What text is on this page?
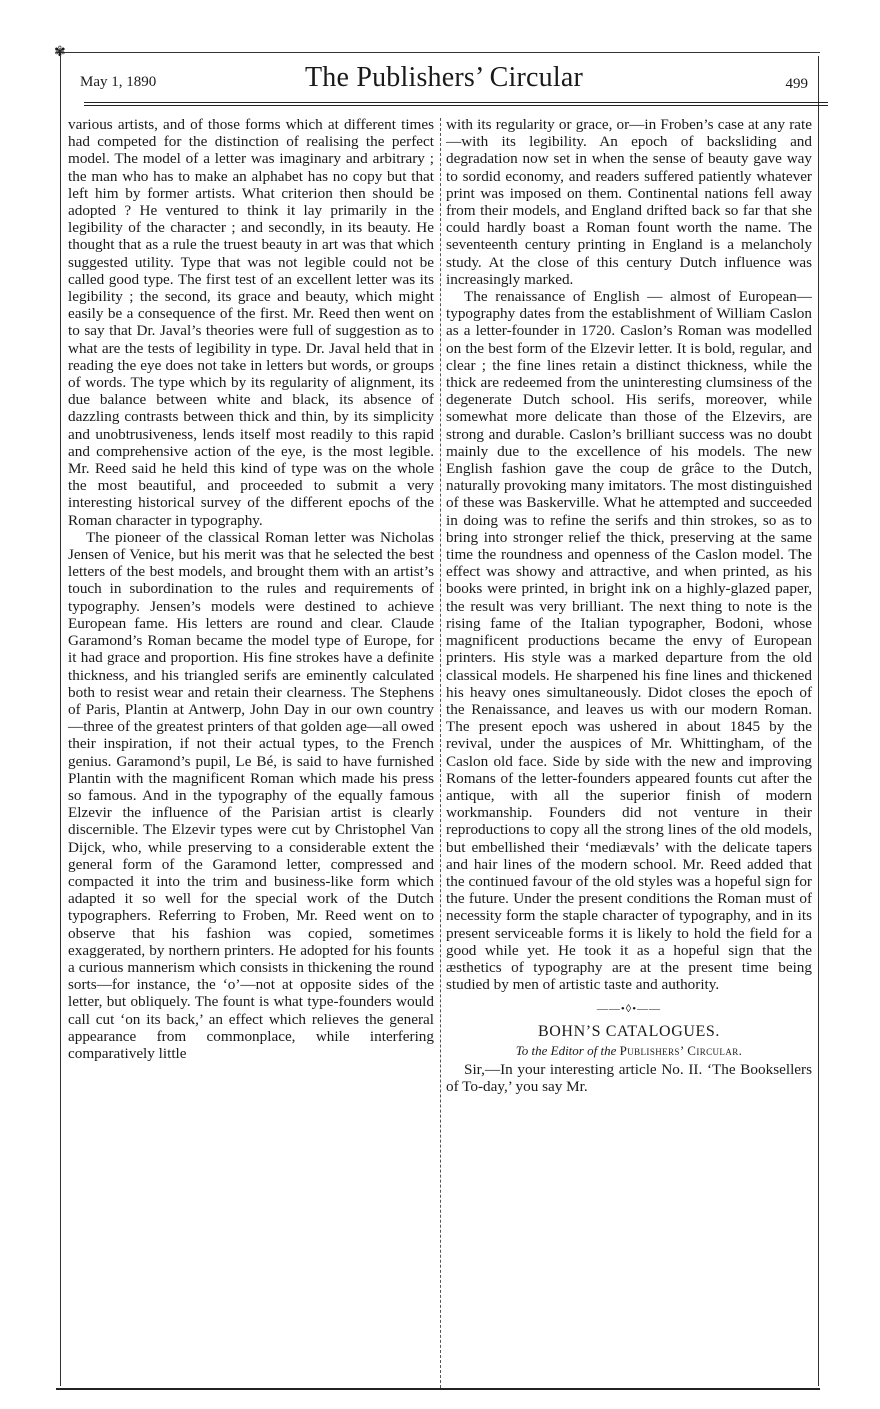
✾
May 1, 1890	The Publishers’ Circular	499

various artists, and of those forms which at different times had competed for the distinction of realising the perfect model. The model of a letter was imaginary and arbitrary ; the man who has to make an alphabet has no copy but that left him by former artists. What criterion then should be adopted ? He ventured to think it lay primarily in the legibility of the character ; and secondly, in its beauty. He thought that as a rule the truest beauty in art was that which suggested utility. Type that was not legible could not be called good type. The first test of an excellent letter was its legibility ; the second, its grace and beauty, which might easily be a consequence of the first. Mr. Reed then went on to say that Dr. Javal’s theories were full of suggestion as to what are the tests of legibility in type. Dr. Javal held that in reading the eye does not take in letters but words, or groups of words. The type which by its regularity of alignment, its due balance between white and black, its absence of dazzling contrasts between thick and thin, by its simplicity and unobtrusiveness, lends itself most readily to this rapid and comprehensive action of the eye, is the most legible. Mr. Reed said he held this kind of type was on the whole the most beautiful, and proceeded to submit a very interesting historical survey of the different epochs of the Roman character in typography.

The pioneer of the classical Roman letter was Nicholas Jensen of Venice, but his merit was that he selected the best letters of the best models, and brought them with an artist’s touch in subordination to the rules and requirements of typography. Jensen’s models were destined to achieve European fame. His letters are round and clear. Claude Garamond’s Roman became the model type of Europe, for it had grace and proportion. His fine strokes have a definite thickness, and his triangled serifs are eminently calculated both to resist wear and retain their clearness. The Stephens of Paris, Plantin at Antwerp, John Day in our own country—three of the greatest printers of that golden age—all owed their inspiration, if not their actual types, to the French genius. Garamond’s pupil, Le Bé, is said to have furnished Plantin with the magnificent Roman which made his press so famous. And in the typography of the equally famous Elzevir the influence of the Parisian artist is clearly discernible. The Elzevir types were cut by Christophel Van Dijck, who, while preserving to a considerable extent the general form of the Garamond letter, compressed and compacted it into the trim and business-like form which adapted it so well for the special work of the Dutch typographers. Referring to Froben, Mr. Reed went on to observe that his fashion was copied, sometimes exaggerated, by northern printers. He adopted for his founts a curious mannerism which consists in thickening the round sorts—for instance, the ‘o’—not at opposite sides of the letter, but obliquely. The fount is what type-founders would call cut ‘on its back,’ an effect which relieves the general appearance from commonplace, while interfering comparatively little

with its regularity or grace, or—in Froben’s case at any rate—with its legibility. An epoch of backsliding and degradation now set in when the sense of beauty gave way to sordid economy, and readers suffered patiently whatever print was imposed on them. Continental nations fell away from their models, and England drifted back so far that she could hardly boast a Roman fount worth the name. The seventeenth century printing in England is a melancholy study. At the close of this century Dutch influence was increasingly marked.

The renaissance of English — almost of European—typography dates from the establishment of William Caslon as a letter-founder in 1720. Caslon’s Roman was modelled on the best form of the Elzevir letter. It is bold, regular, and clear ; the fine lines retain a distinct thickness, while the thick are redeemed from the uninteresting clumsiness of the degenerate Dutch school. His serifs, moreover, while somewhat more delicate than those of the Elzevirs, are strong and durable. Caslon’s brilliant success was no doubt mainly due to the excellence of his models. The new English fashion gave the coup de grâce to the Dutch, naturally provoking many imitators. The most distinguished of these was Baskerville. What he attempted and succeeded in doing was to refine the serifs and thin strokes, so as to bring into stronger relief the thick, preserving at the same time the roundness and openness of the Caslon model. The effect was showy and attractive, and when printed, as his books were printed, in bright ink on a highly-glazed paper, the result was very brilliant. The next thing to note is the rising fame of the Italian typographer, Bodoni, whose magnificent productions became the envy of European printers. His style was a marked departure from the old classical models. He sharpened his fine lines and thickened his heavy ones simultaneously. Didot closes the epoch of the Renaissance, and leaves us with our modern Roman. The present epoch was ushered in about 1845 by the revival, under the auspices of Mr. Whittingham, of the Caslon old face. Side by side with the new and improving Romans of the letter-founders appeared founts cut after the antique, with all the superior finish of modern workmanship. Founders did not venture in their reproductions to copy all the strong lines of the old models, but embellished their ‘mediævals’ with the delicate tapers and hair lines of the modern school. Mr. Reed added that the continued favour of the old styles was a hopeful sign for the future. Under the present conditions the Roman must of necessity form the staple character of typography, and in its present serviceable forms it is likely to hold the field for a good while yet. He took it as a hopeful sign that the æsthetics of typography are at the present time being studied by men of artistic taste and authority.

——•◊•——
BOHN’S CATALOGUES.
To the Editor of the Publishers’ Circular.

Sir,—In your interesting article No. II. ‘The Booksellers of To-day,’ you say Mr.
